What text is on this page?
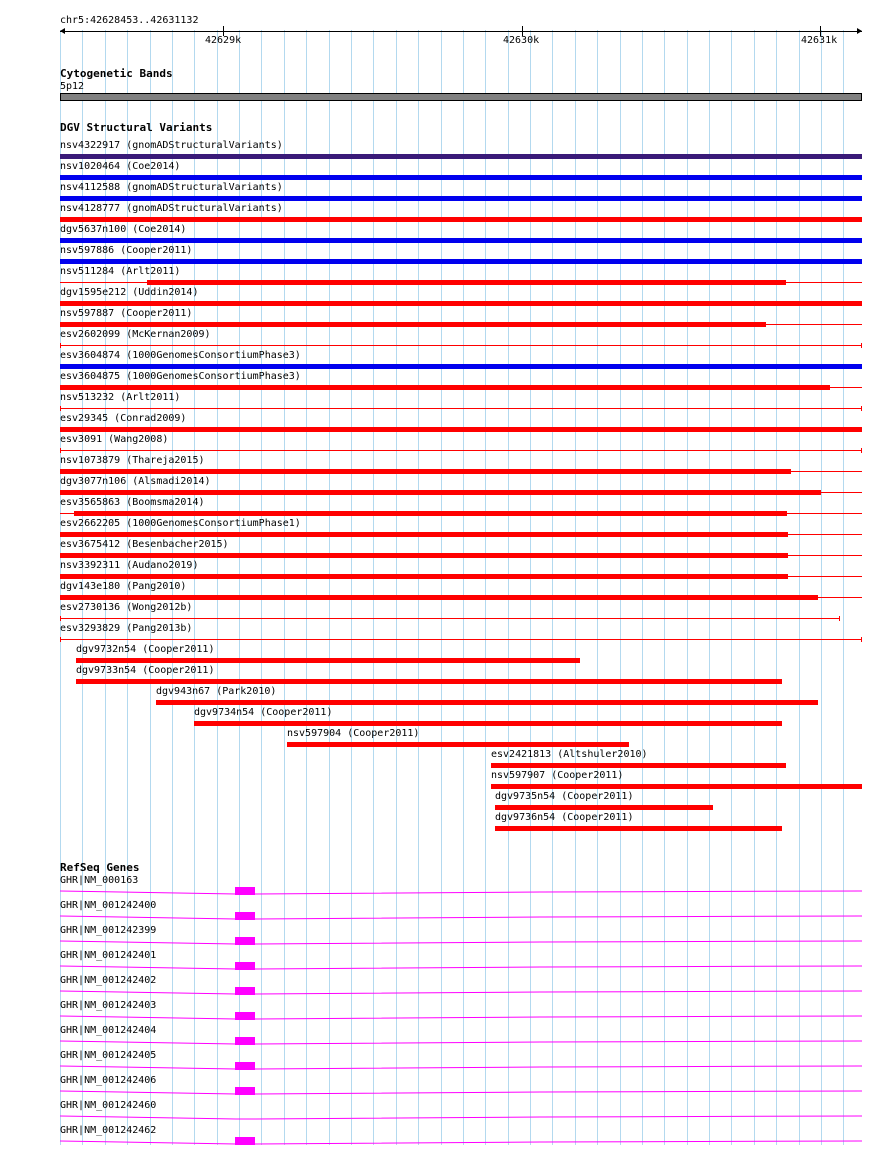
chr5:42628453..42631132
42629k	42630k	42631k
Cytogenetic Bands
5p12
DGV Structural Variants
nsv4322917 (gnomADStructuralVariants)
nsv1020464 (Coe2014)
nsv4112588 (gnomADStructuralVariants)
nsv4128777 (gnomADStructuralVariants)
dgv5637n100 (Coe2014)
nsv597886 (Cooper2011)
nsv511284 (Arlt2011)
dgv1595e212 (Uddin2014)
nsv597887 (Cooper2011)
esv2602099 (McKernan2009)
esv3604874 (1000GenomesConsortiumPhase3)
esv3604875 (1000GenomesConsortiumPhase3)
nsv513232 (Arlt2011)
esv29345 (Conrad2009)
esv3091 (Wang2008)
nsv1073879 (Thareja2015)
dgv3077n106 (Alsmadi2014)
esv3565863 (Boomsma2014)
esv2662205 (1000GenomesConsortiumPhase1)
esv3675412 (Besenbacher2015)
nsv3392311 (Audano2019)
dgv143e180 (Pang2010)
esv2730136 (Wong2012b)
esv3293829 (Pang2013b)
dgv9732n54 (Cooper2011)
dgv9733n54 (Cooper2011)
dgv943n67 (Park2010)
dgv9734n54 (Cooper2011)
nsv597904 (Cooper2011)
esv2421813 (Altshuler2010)
nsv597907 (Cooper2011)
dgv9735n54 (Cooper2011)
dgv9736n54 (Cooper2011)
RefSeq Genes
GHR|NM_000163
GHR|NM_001242400
GHR|NM_001242399
GHR|NM_001242401
GHR|NM_001242402
GHR|NM_001242403
GHR|NM_001242404
GHR|NM_001242405
GHR|NM_001242406
GHR|NM_001242460
GHR|NM_001242462
